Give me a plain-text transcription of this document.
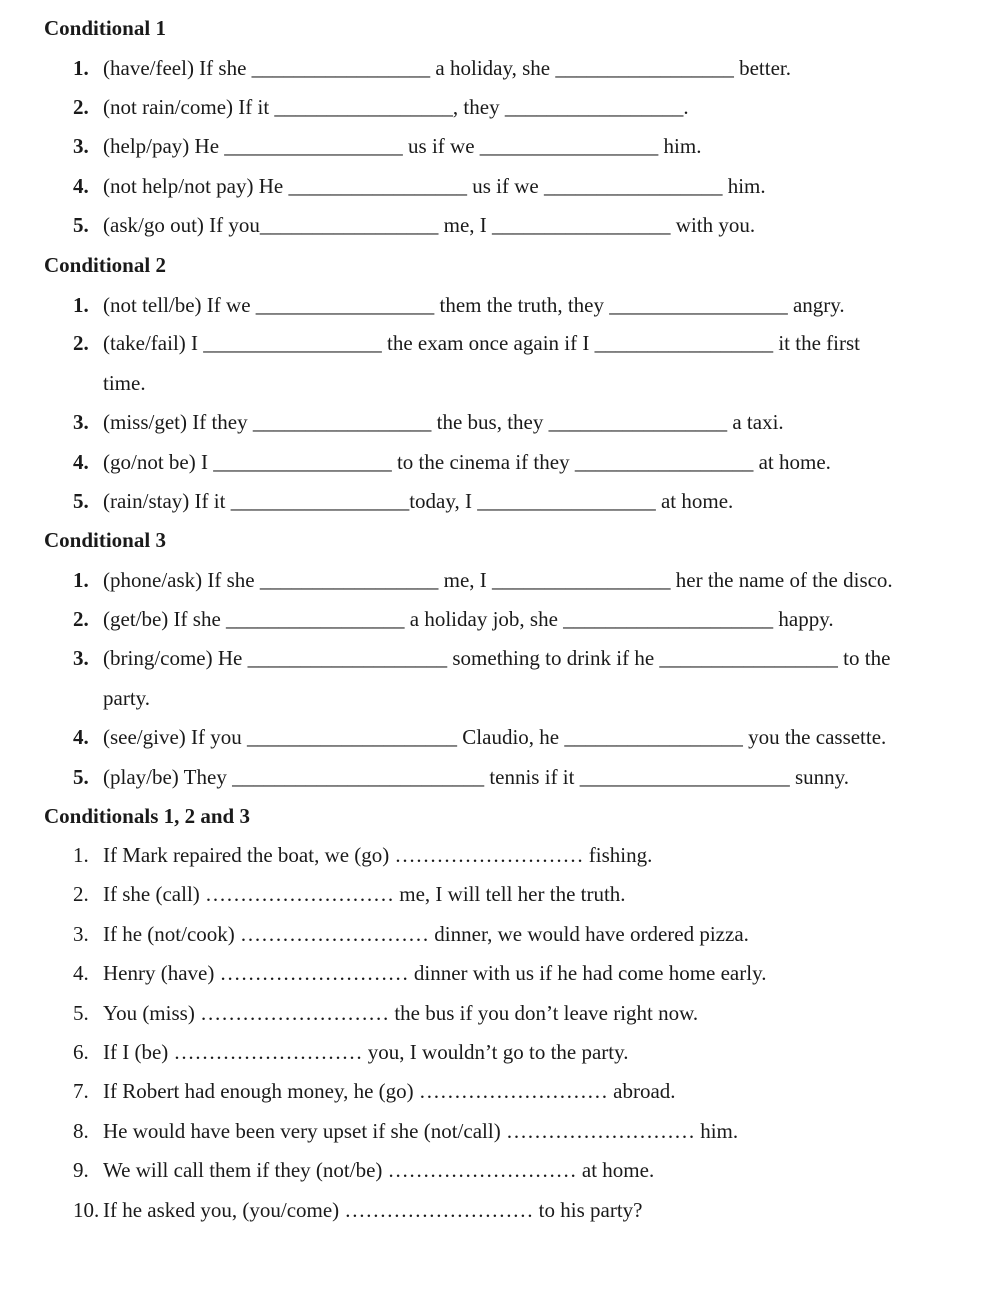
Conditional 1
1. (have/feel) If she _________________ a holiday, she _________________ better.
2. (not rain/come) If it _________________, they _________________.
3. (help/pay) He _________________ us if we _________________ him.
4. (not help/not pay) He _________________ us if we _________________ him.
5. (ask/go out) If you_________________ me, I _________________ with you.
Conditional 2
1. (not tell/be) If we _________________ them the truth, they _________________ angry.
2. (take/fail) I _________________ the exam once again if I _________________ it the first
time.
3. (miss/get) If they _________________ the bus, they _________________ a taxi.
4. (go/not be) I _________________ to the cinema if they _________________ at home.
5. (rain/stay) If it _________________today, I _________________ at home.
Conditional 3
1. (phone/ask) If she _________________ me, I _________________ her the name of the disco.
2. (get/be) If she _________________ a holiday job, she ____________________ happy.
3. (bring/come) He ___________________ something to drink if he _________________ to the
party.
4. (see/give) If you ____________________ Claudio, he _________________ you the cassette.
5. (play/be) They ________________________ tennis if it ____________________ sunny.
Conditionals 1, 2 and 3
1. If Mark repaired the boat, we (go) ……………………… fishing.
2. If she (call) ……………………… me, I will tell her the truth.
3. If he (not/cook) ……………………… dinner, we would have ordered pizza.
4. Henry (have) ……………………… dinner with us if he had come home early.
5. You (miss) ……………………… the bus if you don’t leave right now.
6. If I (be) ……………………… you, I wouldn’t go to the party.
7. If Robert had enough money, he (go) ……………………… abroad.
8. He would have been very upset if she (not/call) ……………………… him.
9. We will call them if they (not/be) ……………………… at home.
10. If he asked you, (you/come) ……………………… to his party?
